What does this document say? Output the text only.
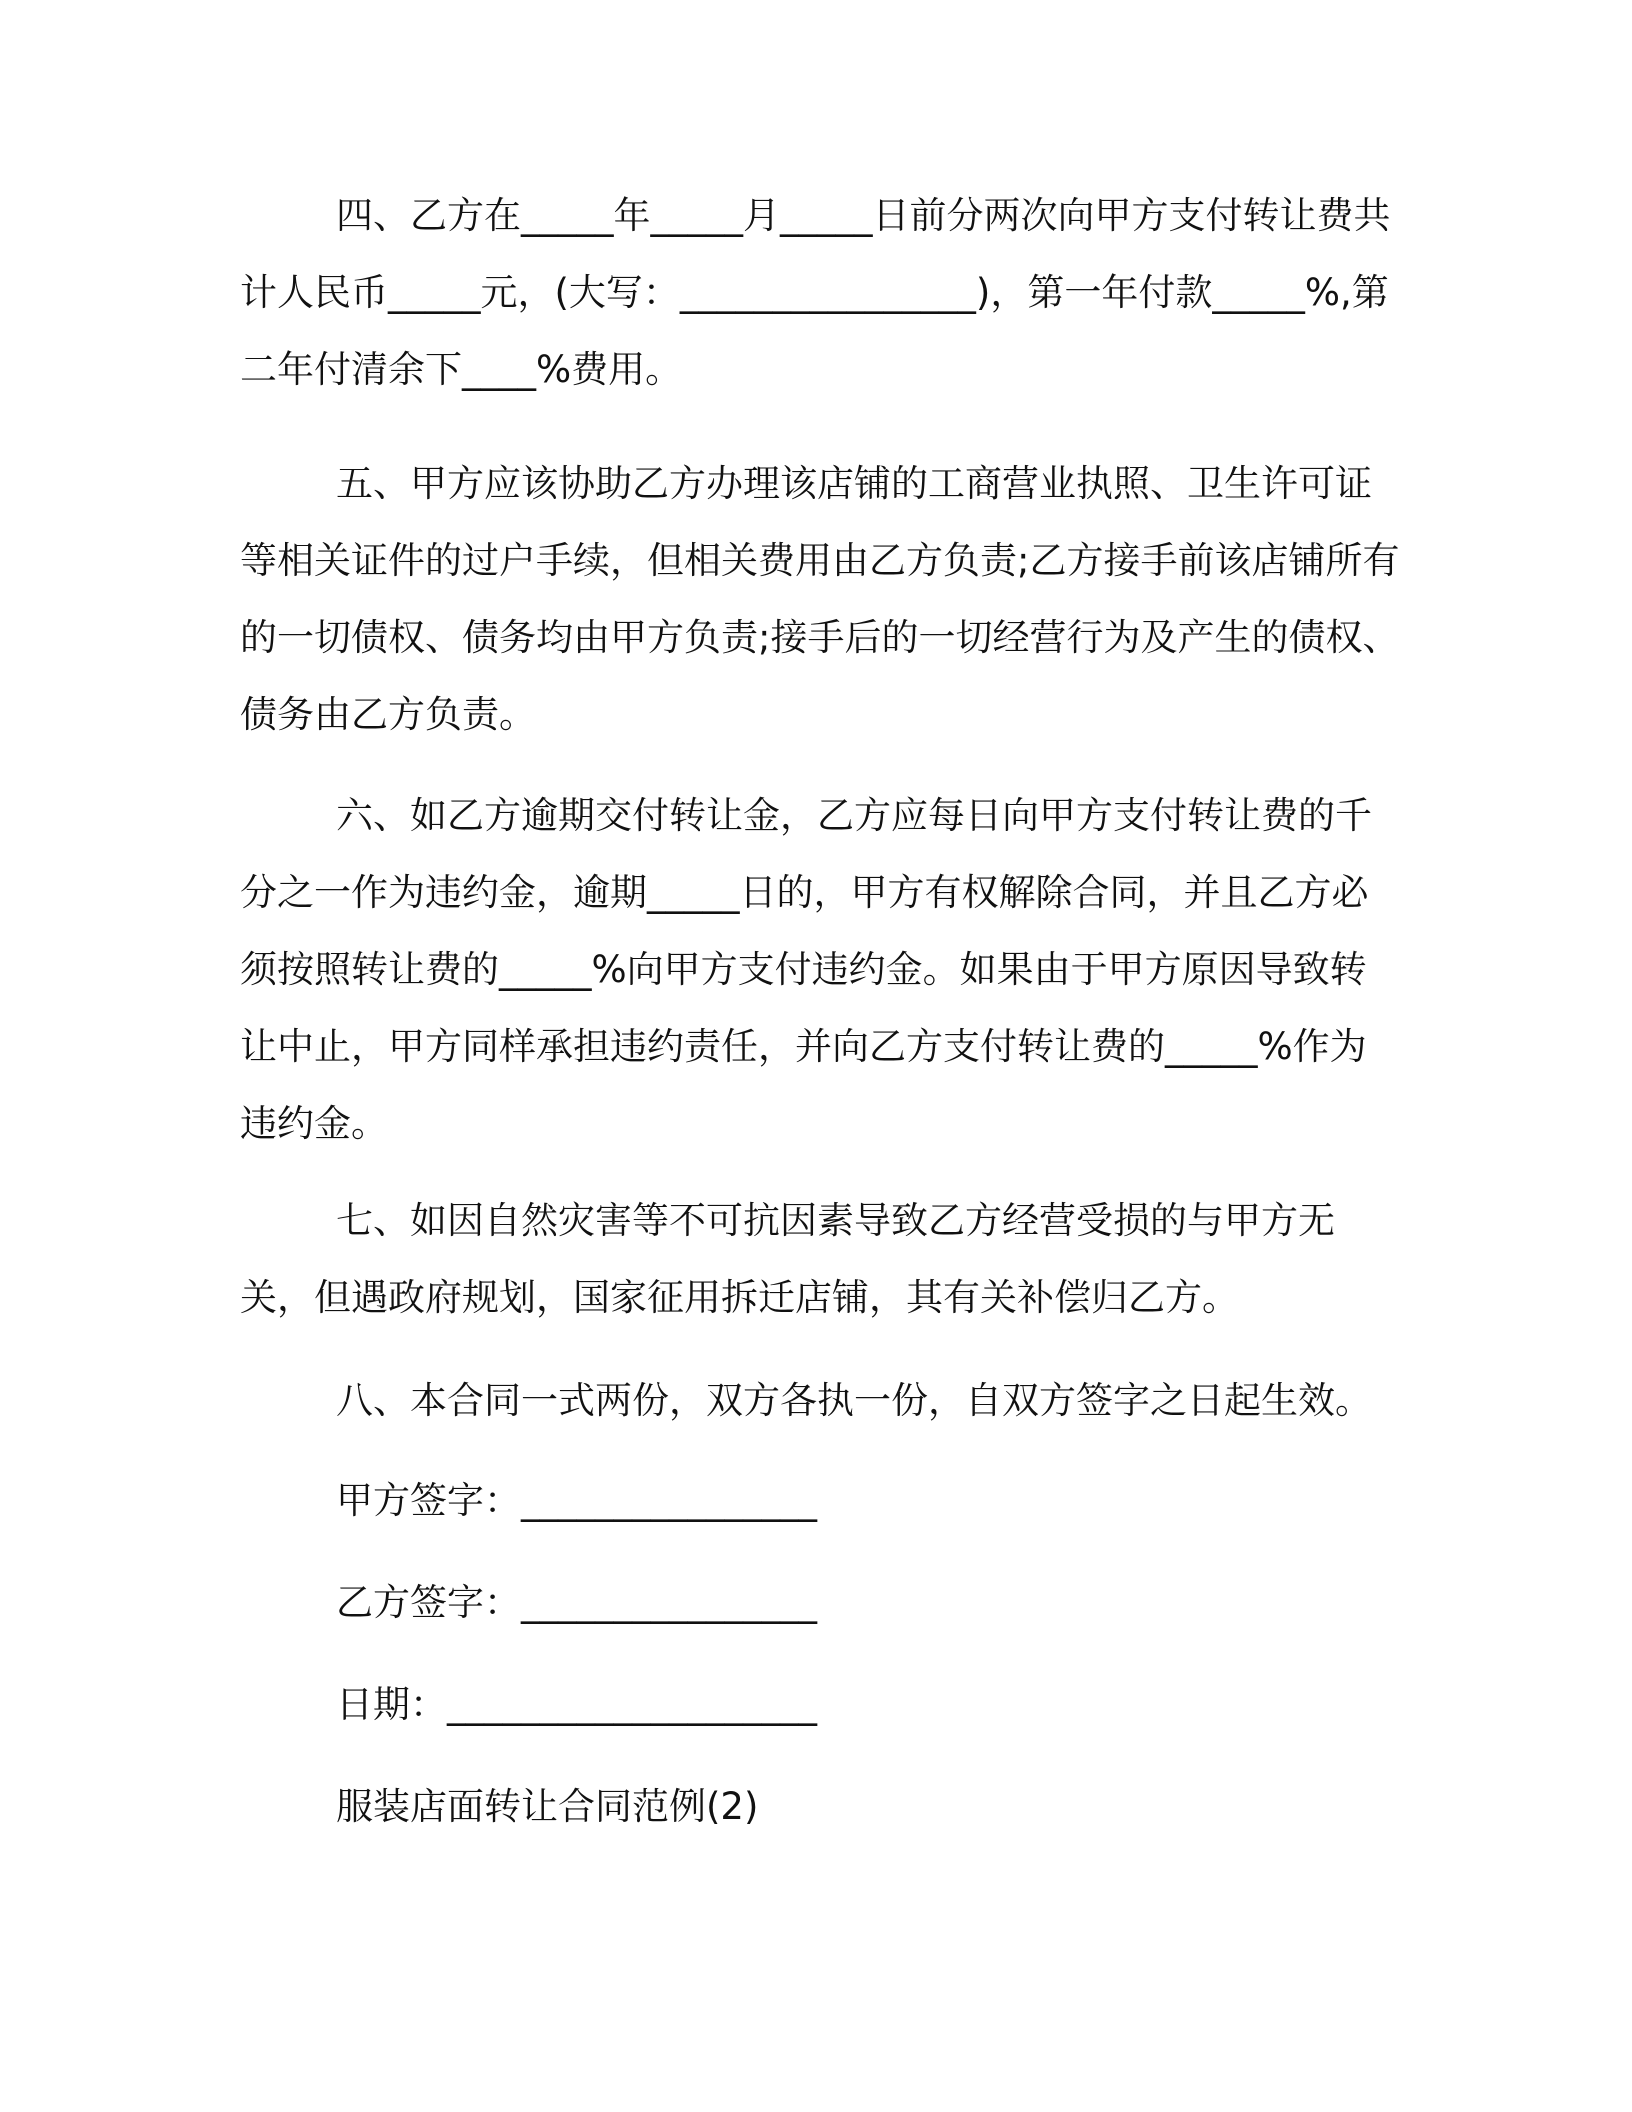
四、乙方在_____年_____月_____日前分两次向甲方支付转让费共计人民币_____元，(大写：________________)，第一年付款_____%,第二年付清余下____%费用。

五、甲方应该协助乙方办理该店铺的工商营业执照、卫生许可证等相关证件的过户手续，但相关费用由乙方负责;乙方接手前该店铺所有的一切债权、债务均由甲方负责;接手后的一切经营行为及产生的债权、债务由乙方负责。

六、如乙方逾期交付转让金，乙方应每日向甲方支付转让费的千分之一作为违约金，逾期_____日的，甲方有权解除合同，并且乙方必须按照转让费的_____%向甲方支付违约金。如果由于甲方原因导致转让中止，甲方同样承担违约责任，并向乙方支付转让费的_____%作为违约金。

七、如因自然灾害等不可抗因素导致乙方经营受损的与甲方无关，但遇政府规划，国家征用拆迁店铺，其有关补偿归乙方。

八、本合同一式两份，双方各执一份，自双方签字之日起生效。

甲方签字：________________

乙方签字：________________

日期：____________________

服装店面转让合同范例(2)
